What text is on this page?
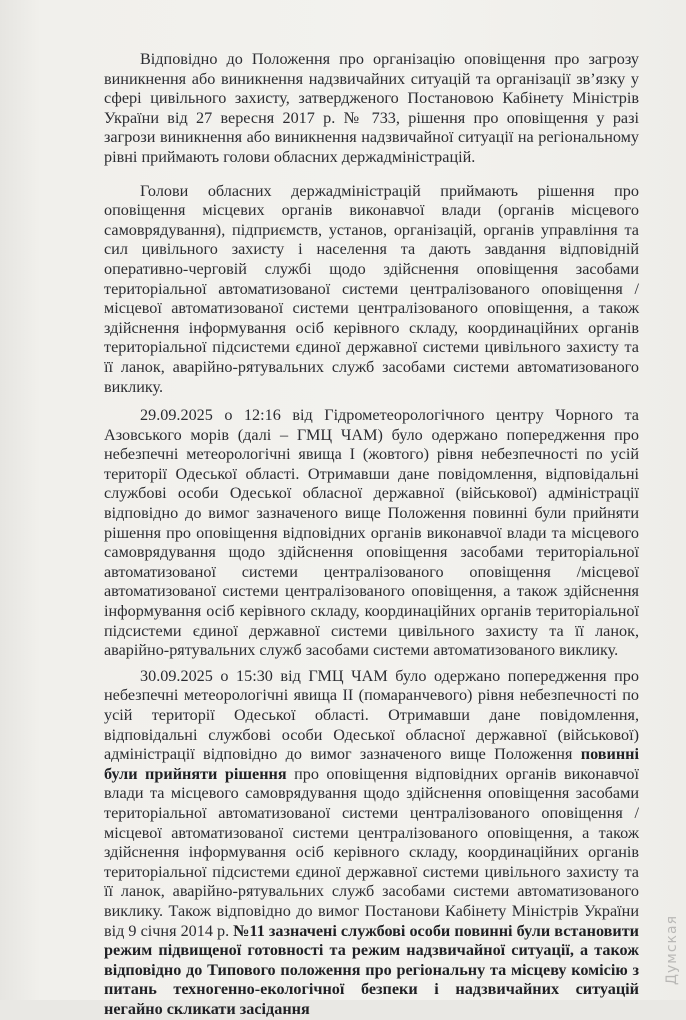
Відповідно до Положення про організацію оповіщення про загрозу виникнення або виникнення надзвичайних ситуацій та організації зв’язку у сфері цивільного захисту, затвердженого Постановою Кабінету Міністрів України від 27 вересня 2017 р. № 733, рішення про оповіщення у разі загрози виникнення або виникнення надзвичайної ситуації на регіональному рівні приймають голови обласних держадміністрацій.

Голови обласних держадміністрацій приймають рішення про оповіщення місцевих органів виконавчої влади (органів місцевого самоврядування), підприємств, установ, організацій, органів управління та сил цивільного захисту і населення та дають завдання відповідній оперативно-черговій службі щодо здійснення оповіщення засобами територіальної автоматизованої системи централізованого оповіщення /місцевої автоматизованої системи централізованого оповіщення, а також здійснення інформування осіб керівного складу, координаційних органів територіальної підсистеми єдиної державної системи цивільного захисту та її ланок, аварійно-рятувальних служб засобами системи автоматизованого виклику.

29.09.2025 о 12:16 від Гідрометеорологічного центру Чорного та Азовського морів (далі – ГМЦ ЧАМ) було одержано попередження про небезпечні метеорологічні явища І (жовтого) рівня небезпечності по усій території Одеської області. Отримавши дане повідомлення, відповідальні службові особи Одеської обласної державної (військової) адміністрації відповідно до вимог зазначеного вище Положення повинні були прийняти рішення про оповіщення відповідних органів виконавчої влади та місцевого самоврядування щодо здійснення оповіщення засобами територіальної автоматизованої системи централізованого оповіщення /місцевої автоматизованої системи централізованого оповіщення, а також здійснення інформування осіб керівного складу, координаційних органів територіальної підсистеми єдиної державної системи цивільного захисту та її ланок, аварійно-рятувальних служб засобами системи автоматизованого виклику.

30.09.2025 о 15:30 від ГМЦ ЧАМ було одержано попередження про небезпечні метеорологічні явища ІІ (помаранчевого) рівня небезпечності по усій території Одеської області. Отримавши дане повідомлення, відповідальні службові особи Одеської обласної державної (військової) адміністрації відповідно до вимог зазначеного вище Положення повинні були прийняти рішення про оповіщення відповідних органів виконавчої влади та місцевого самоврядування щодо здійснення оповіщення засобами територіальної автоматизованої системи централізованого оповіщення /місцевої автоматизованої системи централізованого оповіщення, а також здійснення інформування осіб керівного складу, координаційних органів територіальної підсистеми єдиної державної системи цивільного захисту та її ланок, аварійно-рятувальних служб засобами системи автоматизованого виклику. Також відповідно до вимог Постанови Кабінету Міністрів України від 9 січня 2014 р. №11 зазначені службові особи повинні були встановити режим підвищеної готовності та режим надзвичайної ситуації, а також відповідно до Типового положення про регіональну та місцеву комісію з питань техногенно-екологічної безпеки і надзвичайних ситуацій негайно скликати засідання

Думская
